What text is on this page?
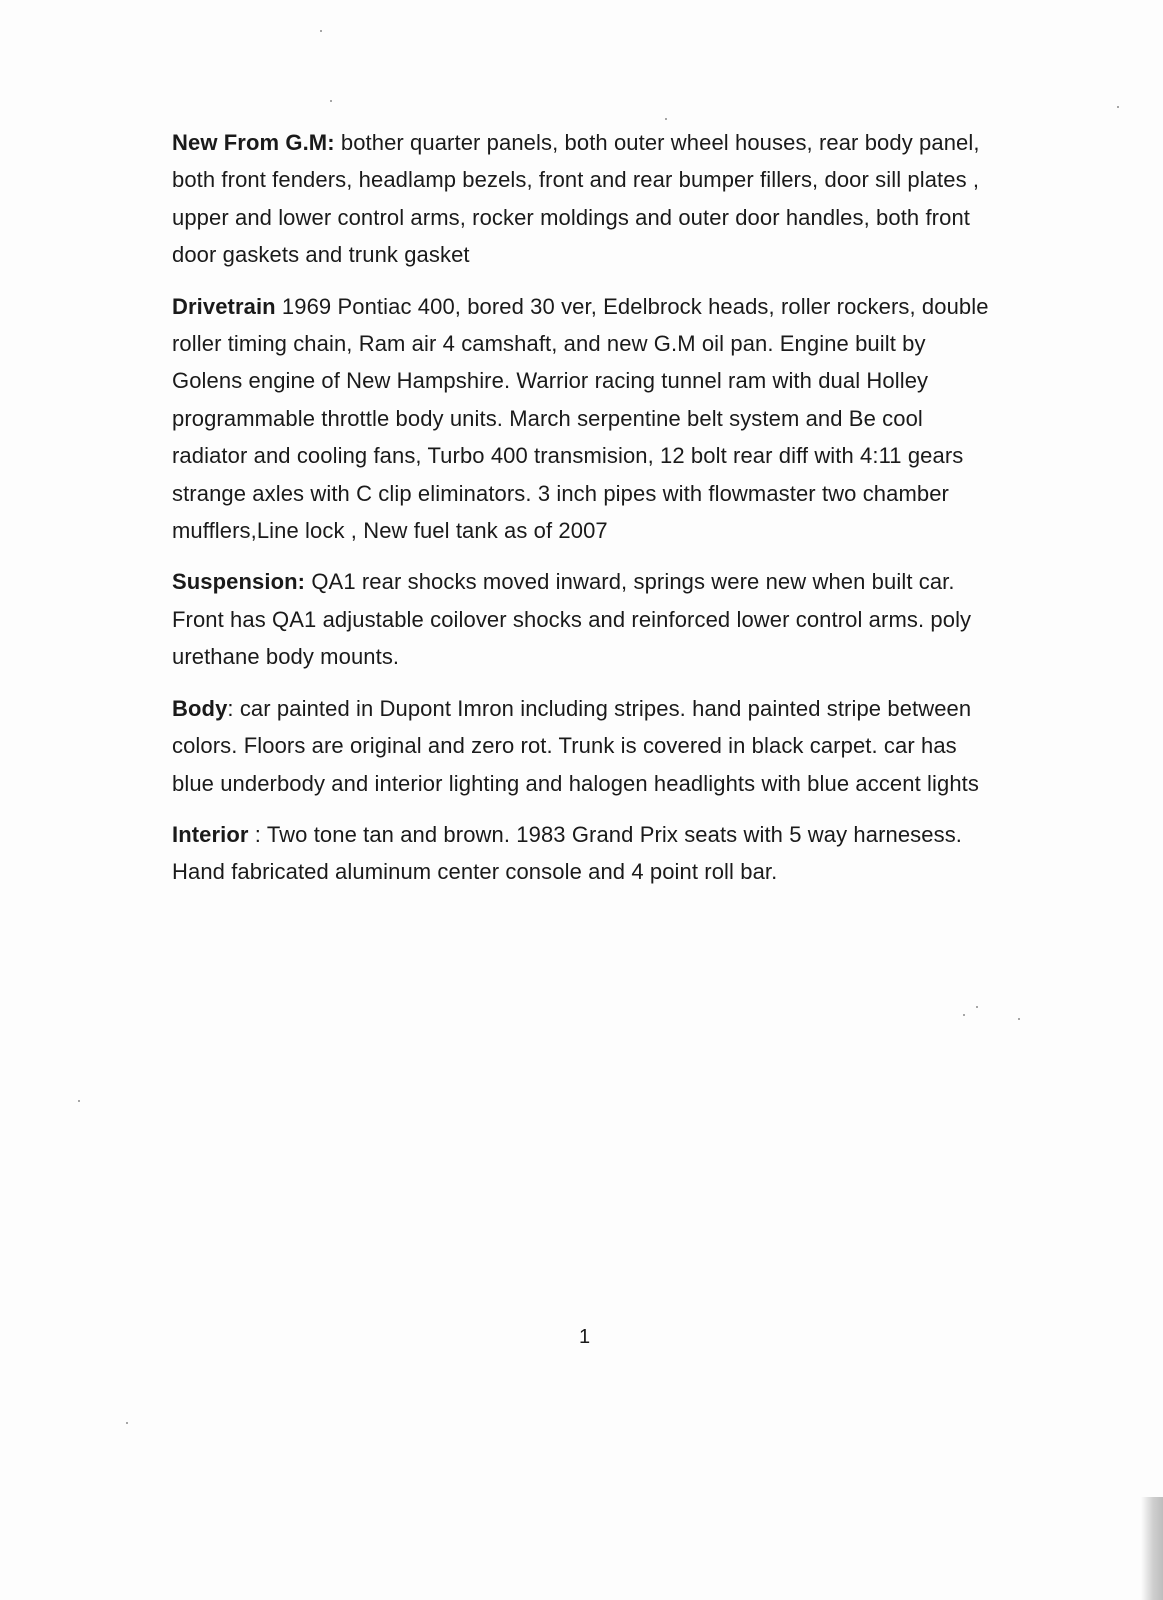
New From G.M: bother quarter panels, both outer wheel houses, rear body panel, both front fenders, headlamp bezels, front and rear bumper fillers, door sill plates , upper and lower control arms, rocker moldings and outer door handles, both front door gaskets and trunk gasket

Drivetrain 1969 Pontiac 400, bored 30 ver, Edelbrock heads, roller rockers, double roller timing chain, Ram air 4 camshaft, and new G.M oil pan. Engine built by Golens engine of New Hampshire. Warrior racing tunnel ram with dual Holley programmable throttle body units. March serpentine belt system and Be cool radiator and cooling fans, Turbo 400 transmision, 12 bolt rear diff with 4:11 gears strange axles with C clip eliminators. 3 inch pipes with flowmaster two chamber mufflers,Line lock , New fuel tank as of 2007

Suspension: QA1 rear shocks moved inward, springs were new when built car. Front has QA1 adjustable coilover shocks and reinforced lower control arms. poly urethane body mounts.

Body: car painted in Dupont Imron including stripes. hand painted stripe between colors. Floors are original and zero rot. Trunk is covered in black carpet. car has blue underbody and interior lighting and halogen headlights with blue accent lights

Interior : Two tone tan and brown. 1983 Grand Prix seats with 5 way harnesess. Hand fabricated aluminum center console and 4 point roll bar.

1
